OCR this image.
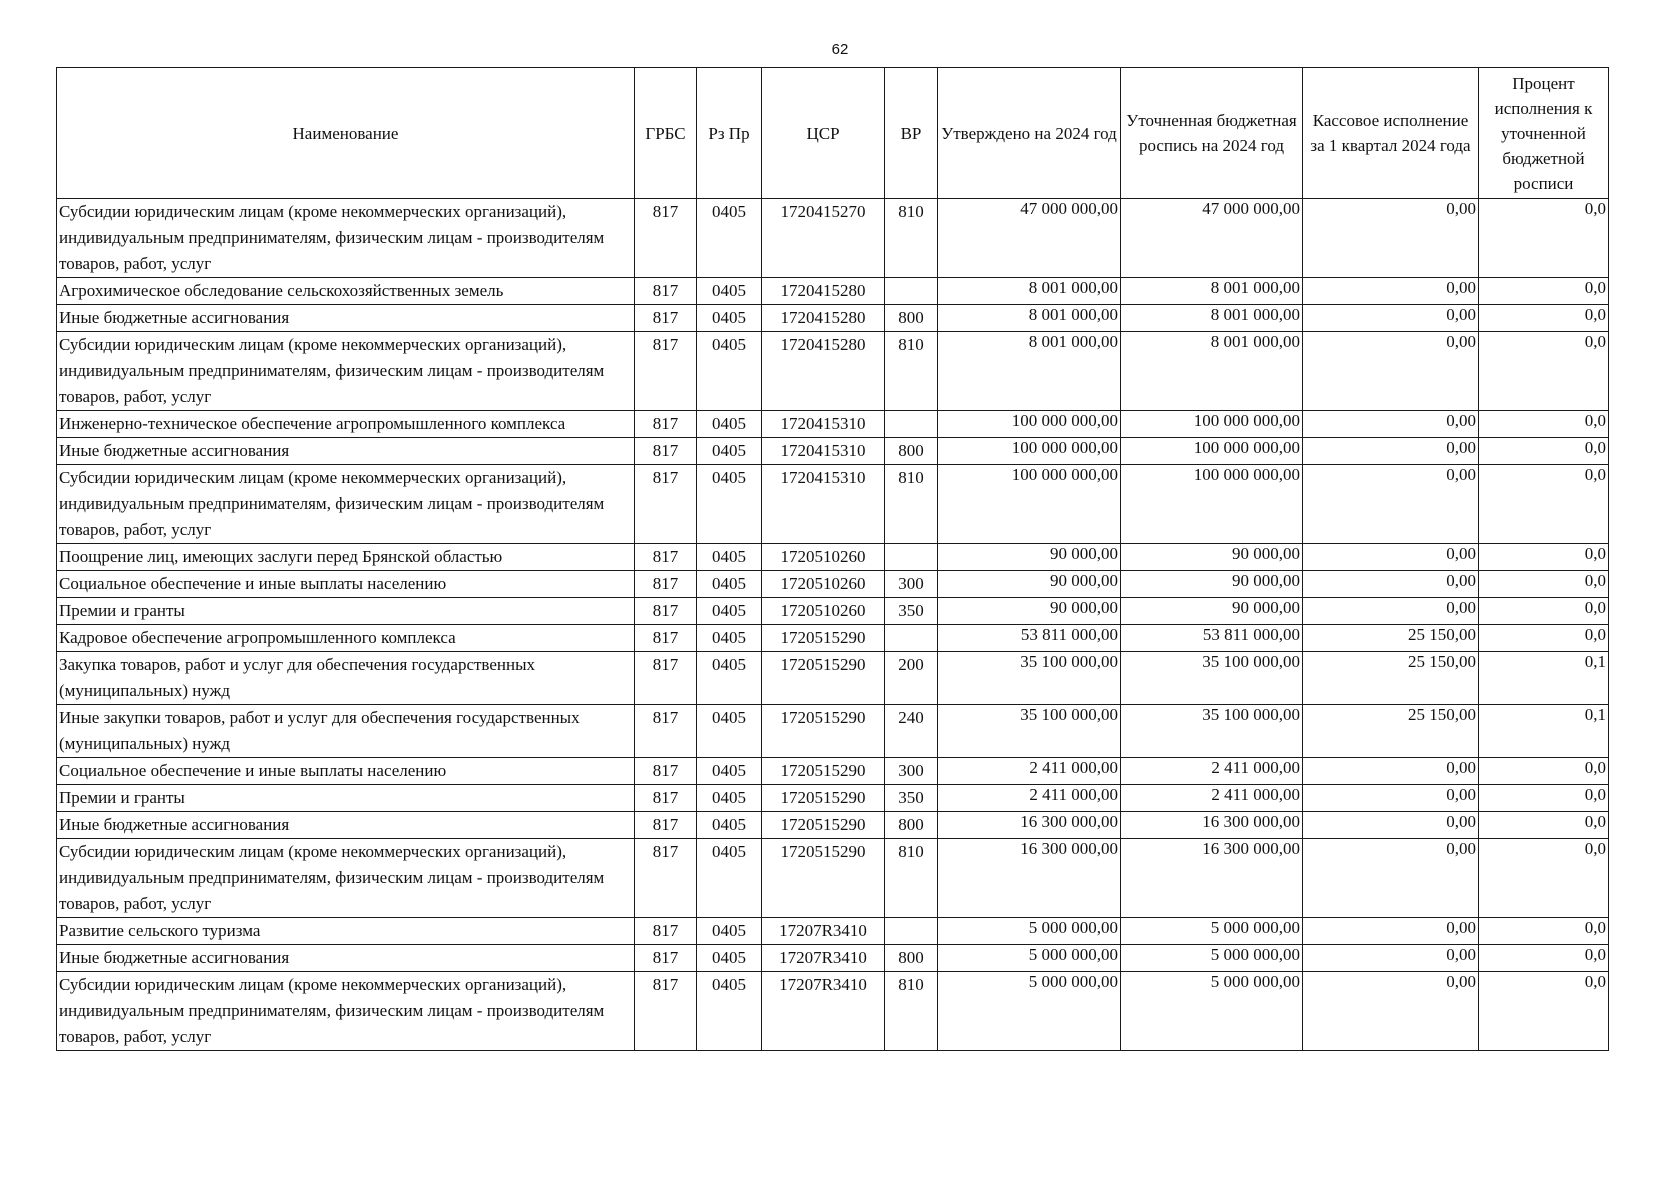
62
Наименование	ГРБС	Рз Пр	ЦСР	ВР	Утверждено на 2024 год	Уточненная бюджетная роспись на 2024 год	Кассовое исполнение за 1 квартал 2024 года	Процент исполнения к уточненной бюджетной росписи
Субсидии юридическим лицам (кроме некоммерческих организаций), индивидуальным предпринимателям, физическим лицам - производителям товаров, работ, услуг	817	0405	1720415270	810	47 000 000,00	47 000 000,00	0,00	0,0

Агрохимическое обследование сельскохозяйственных земель	817	0405	1720415280		8 001 000,00	8 001 000,00	0,00	0,0

Иные бюджетные ассигнования	817	0405	1720415280	800	8 001 000,00	8 001 000,00	0,00	0,0

Субсидии юридическим лицам (кроме некоммерческих организаций), индивидуальным предпринимателям, физическим лицам - производителям товаров, работ, услуг	817	0405	1720415280	810	8 001 000,00	8 001 000,00	0,00	0,0

Инженерно-техническое обеспечение агропромышленного комплекса	817	0405	1720415310		100 000 000,00	100 000 000,00	0,00	0,0

Иные бюджетные ассигнования	817	0405	1720415310	800	100 000 000,00	100 000 000,00	0,00	0,0

Субсидии юридическим лицам (кроме некоммерческих организаций), индивидуальным предпринимателям, физическим лицам - производителям товаров, работ, услуг	817	0405	1720415310	810	100 000 000,00	100 000 000,00	0,00	0,0

Поощрение лиц, имеющих заслуги перед Брянской областью	817	0405	1720510260		90 000,00	90 000,00	0,00	0,0

Социальное обеспечение и иные выплаты населению	817	0405	1720510260	300	90 000,00	90 000,00	0,00	0,0

Премии и гранты	817	0405	1720510260	350	90 000,00	90 000,00	0,00	0,0

Кадровое обеспечение агропромышленного комплекса	817	0405	1720515290		53 811 000,00	53 811 000,00	25 150,00	0,0

Закупка товаров, работ и услуг для обеспечения государственных (муниципальных) нужд	817	0405	1720515290	200	35 100 000,00	35 100 000,00	25 150,00	0,1

Иные закупки товаров, работ и услуг для обеспечения государственных (муниципальных) нужд	817	0405	1720515290	240	35 100 000,00	35 100 000,00	25 150,00	0,1

Социальное обеспечение и иные выплаты населению	817	0405	1720515290	300	2 411 000,00	2 411 000,00	0,00	0,0

Премии и гранты	817	0405	1720515290	350	2 411 000,00	2 411 000,00	0,00	0,0

Иные бюджетные ассигнования	817	0405	1720515290	800	16 300 000,00	16 300 000,00	0,00	0,0

Субсидии юридическим лицам (кроме некоммерческих организаций), индивидуальным предпринимателям, физическим лицам - производителям товаров, работ, услуг	817	0405	1720515290	810	16 300 000,00	16 300 000,00	0,00	0,0

Развитие сельского туризма	817	0405	17207R3410		5 000 000,00	5 000 000,00	0,00	0,0

Иные бюджетные ассигнования	817	0405	17207R3410	800	5 000 000,00	5 000 000,00	0,00	0,0

Субсидии юридическим лицам (кроме некоммерческих организаций), индивидуальным предпринимателям, физическим лицам - производителям товаров, работ, услуг	817	0405	17207R3410	810	5 000 000,00	5 000 000,00	0,00	0,0
